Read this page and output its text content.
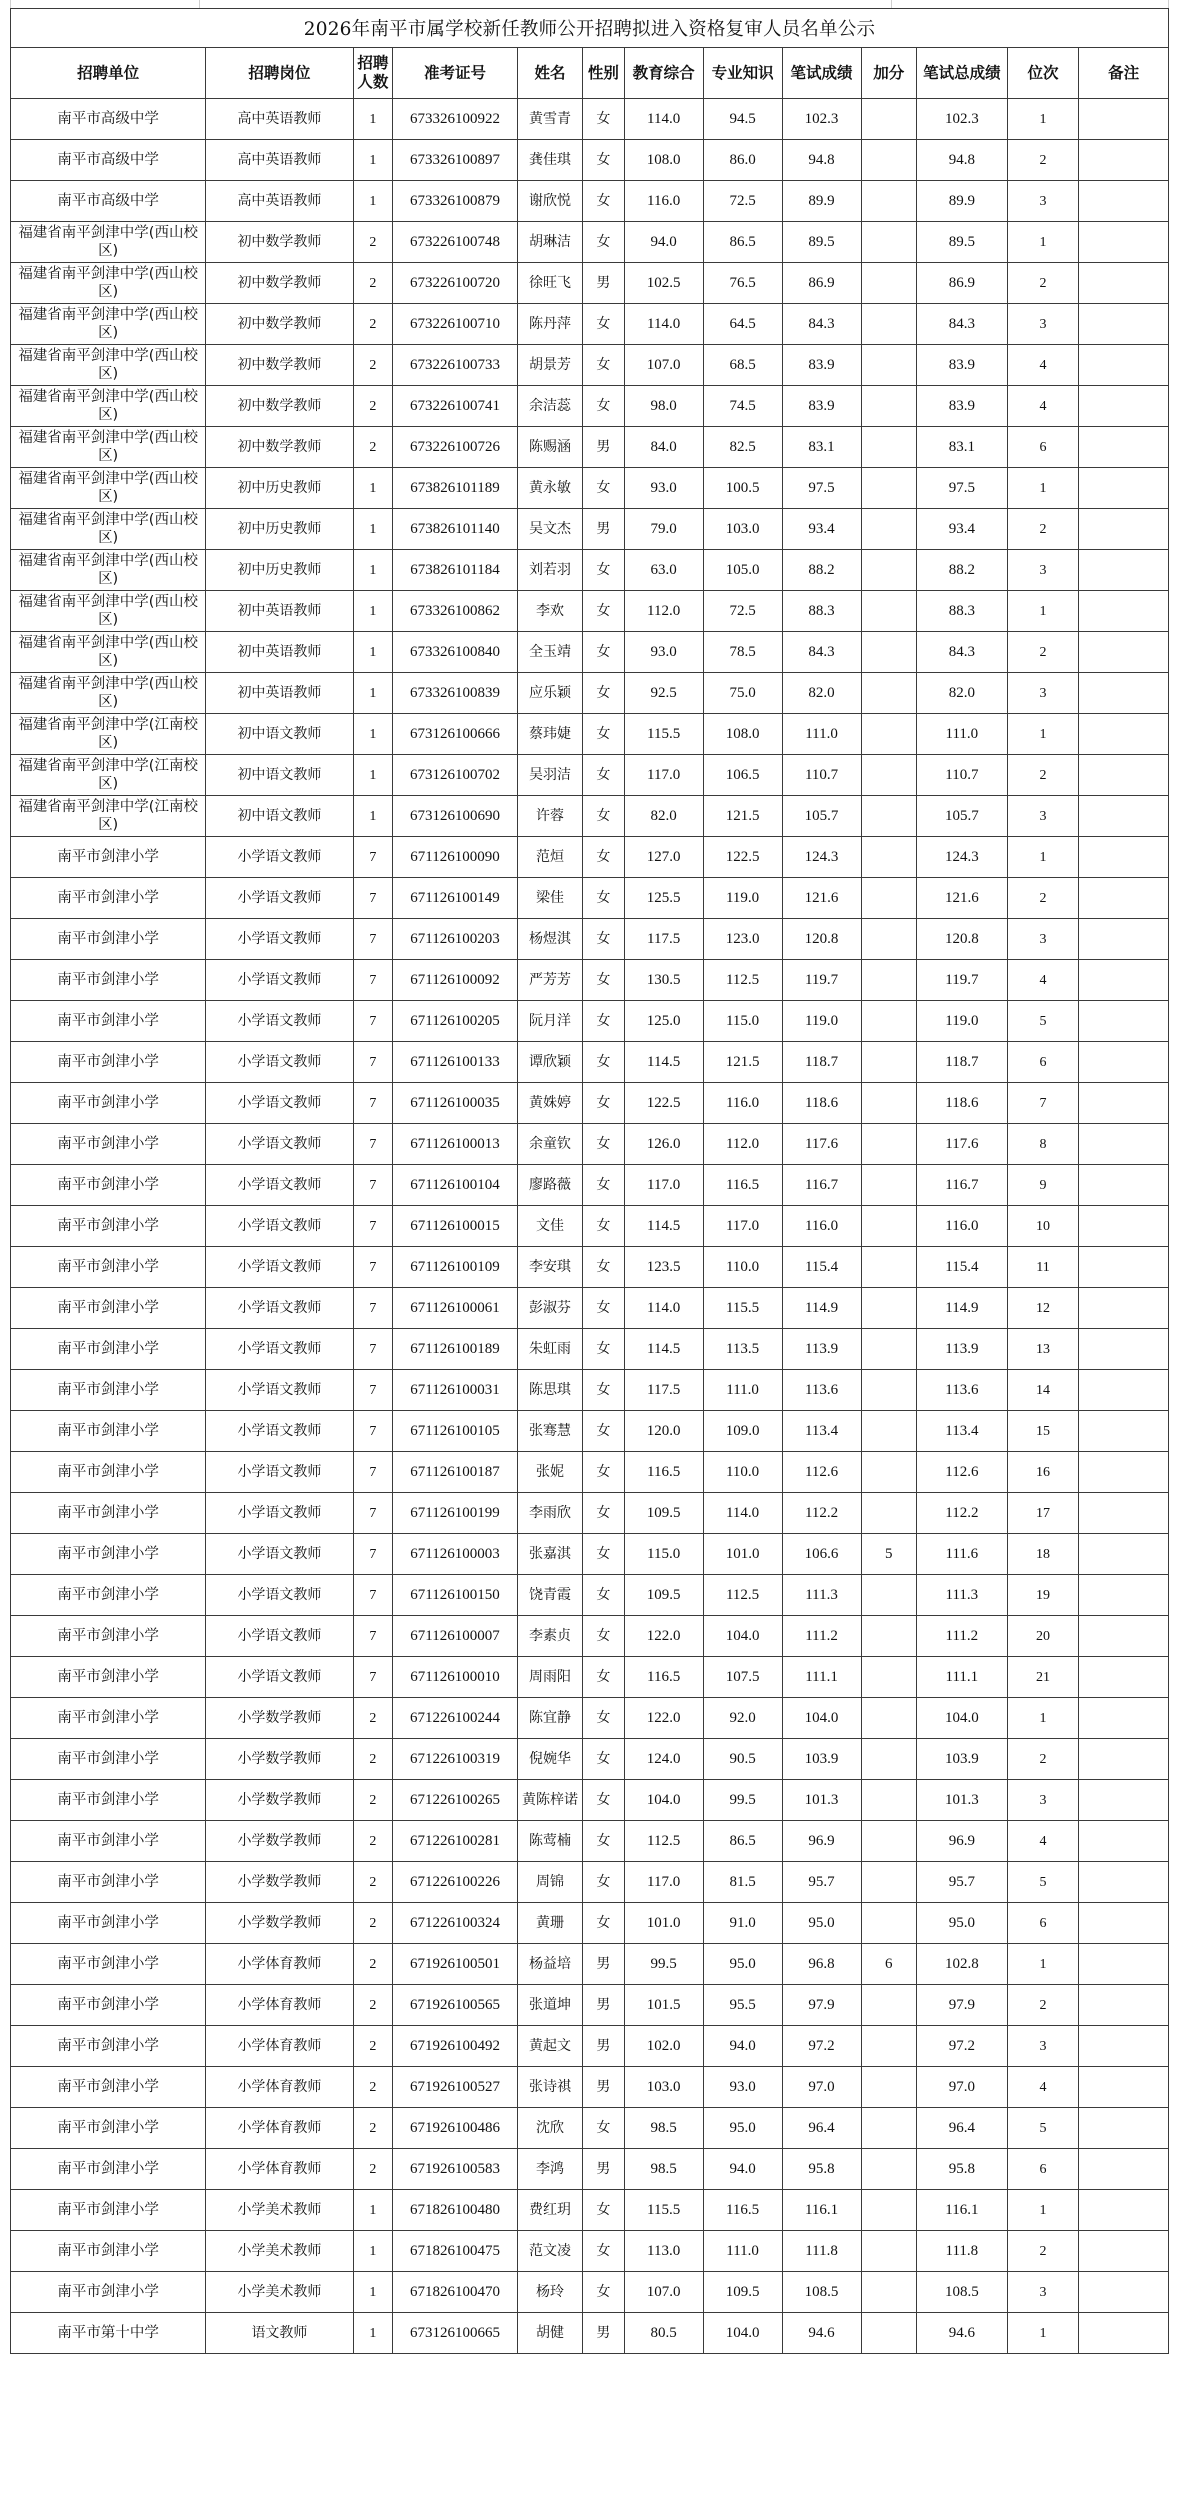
2026年南平市属学校新任教师公开招聘拟进入资格复审人员名单公示												
招聘单位	招聘岗位	招聘人数	准考证号	姓名	性别	教育综合	专业知识	笔试成绩	加分	笔试总成绩	位次	备注
南平市高级中学	高中英语教师	1	673326100922	黄雪青	女	114.0	94.5	102.3		102.3	1	
南平市高级中学	高中英语教师	1	673326100897	龚佳琪	女	108.0	86.0	94.8		94.8	2	
南平市高级中学	高中英语教师	1	673326100879	谢欣悦	女	116.0	72.5	89.9		89.9	3	
福建省南平剑津中学(西山校区)	初中数学教师	2	673226100748	胡琳洁	女	94.0	86.5	89.5		89.5	1	
福建省南平剑津中学(西山校区)	初中数学教师	2	673226100720	徐旺飞	男	102.5	76.5	86.9		86.9	2	
福建省南平剑津中学(西山校区)	初中数学教师	2	673226100710	陈丹萍	女	114.0	64.5	84.3		84.3	3	
福建省南平剑津中学(西山校区)	初中数学教师	2	673226100733	胡景芳	女	107.0	68.5	83.9		83.9	4	
福建省南平剑津中学(西山校区)	初中数学教师	2	673226100741	余洁蕊	女	98.0	74.5	83.9		83.9	4	
福建省南平剑津中学(西山校区)	初中数学教师	2	673226100726	陈赐涵	男	84.0	82.5	83.1		83.1	6	
福建省南平剑津中学(西山校区)	初中历史教师	1	673826101189	黄永敏	女	93.0	100.5	97.5		97.5	1	
福建省南平剑津中学(西山校区)	初中历史教师	1	673826101140	吴文杰	男	79.0	103.0	93.4		93.4	2	
福建省南平剑津中学(西山校区)	初中历史教师	1	673826101184	刘若羽	女	63.0	105.0	88.2		88.2	3	
福建省南平剑津中学(西山校区)	初中英语教师	1	673326100862	李欢	女	112.0	72.5	88.3		88.3	1	
福建省南平剑津中学(西山校区)	初中英语教师	1	673326100840	全玉靖	女	93.0	78.5	84.3		84.3	2	
福建省南平剑津中学(西山校区)	初中英语教师	1	673326100839	应乐颖	女	92.5	75.0	82.0		82.0	3	
福建省南平剑津中学(江南校区)	初中语文教师	1	673126100666	蔡玮婕	女	115.5	108.0	111.0		111.0	1	
福建省南平剑津中学(江南校区)	初中语文教师	1	673126100702	吴羽洁	女	117.0	106.5	110.7		110.7	2	
福建省南平剑津中学(江南校区)	初中语文教师	1	673126100690	许蓉	女	82.0	121.5	105.7		105.7	3	
南平市剑津小学	小学语文教师	7	671126100090	范烜	女	127.0	122.5	124.3		124.3	1	
南平市剑津小学	小学语文教师	7	671126100149	梁佳	女	125.5	119.0	121.6		121.6	2	
南平市剑津小学	小学语文教师	7	671126100203	杨煜淇	女	117.5	123.0	120.8		120.8	3	
南平市剑津小学	小学语文教师	7	671126100092	严芳芳	女	130.5	112.5	119.7		119.7	4	
南平市剑津小学	小学语文教师	7	671126100205	阮月洋	女	125.0	115.0	119.0		119.0	5	
南平市剑津小学	小学语文教师	7	671126100133	谭欣颖	女	114.5	121.5	118.7		118.7	6	
南平市剑津小学	小学语文教师	7	671126100035	黄姝婷	女	122.5	116.0	118.6		118.6	7	
南平市剑津小学	小学语文教师	7	671126100013	余童钦	女	126.0	112.0	117.6		117.6	8	
南平市剑津小学	小学语文教师	7	671126100104	廖路薇	女	117.0	116.5	116.7		116.7	9	
南平市剑津小学	小学语文教师	7	671126100015	文佳	女	114.5	117.0	116.0		116.0	10	
南平市剑津小学	小学语文教师	7	671126100109	李安琪	女	123.5	110.0	115.4		115.4	11	
南平市剑津小学	小学语文教师	7	671126100061	彭淑芬	女	114.0	115.5	114.9		114.9	12	
南平市剑津小学	小学语文教师	7	671126100189	朱虹雨	女	114.5	113.5	113.9		113.9	13	
南平市剑津小学	小学语文教师	7	671126100031	陈思琪	女	117.5	111.0	113.6		113.6	14	
南平市剑津小学	小学语文教师	7	671126100105	张骞慧	女	120.0	109.0	113.4		113.4	15	
南平市剑津小学	小学语文教师	7	671126100187	张妮	女	116.5	110.0	112.6		112.6	16	
南平市剑津小学	小学语文教师	7	671126100199	李雨欣	女	109.5	114.0	112.2		112.2	17	
南平市剑津小学	小学语文教师	7	671126100003	张嘉淇	女	115.0	101.0	106.6	5	111.6	18	
南平市剑津小学	小学语文教师	7	671126100150	饶青霞	女	109.5	112.5	111.3		111.3	19	
南平市剑津小学	小学语文教师	7	671126100007	李素贞	女	122.0	104.0	111.2		111.2	20	
南平市剑津小学	小学语文教师	7	671126100010	周雨阳	女	116.5	107.5	111.1		111.1	21	
南平市剑津小学	小学数学教师	2	671226100244	陈宜静	女	122.0	92.0	104.0		104.0	1	
南平市剑津小学	小学数学教师	2	671226100319	倪婉华	女	124.0	90.5	103.9		103.9	2	
南平市剑津小学	小学数学教师	2	671226100265	黄陈梓诺	女	104.0	99.5	101.3		101.3	3	
南平市剑津小学	小学数学教师	2	671226100281	陈莺楠	女	112.5	86.5	96.9		96.9	4	
南平市剑津小学	小学数学教师	2	671226100226	周锦	女	117.0	81.5	95.7		95.7	5	
南平市剑津小学	小学数学教师	2	671226100324	黄珊	女	101.0	91.0	95.0		95.0	6	
南平市剑津小学	小学体育教师	2	671926100501	杨益培	男	99.5	95.0	96.8	6	102.8	1	
南平市剑津小学	小学体育教师	2	671926100565	张道坤	男	101.5	95.5	97.9		97.9	2	
南平市剑津小学	小学体育教师	2	671926100492	黄起文	男	102.0	94.0	97.2		97.2	3	
南平市剑津小学	小学体育教师	2	671926100527	张诗祺	男	103.0	93.0	97.0		97.0	4	
南平市剑津小学	小学体育教师	2	671926100486	沈欣	女	98.5	95.0	96.4		96.4	5	
南平市剑津小学	小学体育教师	2	671926100583	李鸿	男	98.5	94.0	95.8		95.8	6	
南平市剑津小学	小学美术教师	1	671826100480	费红玥	女	115.5	116.5	116.1		116.1	1	
南平市剑津小学	小学美术教师	1	671826100475	范文凌	女	113.0	111.0	111.8		111.8	2	
南平市剑津小学	小学美术教师	1	671826100470	杨玲	女	107.0	109.5	108.5		108.5	3	
南平市第十中学	语文教师	1	673126100665	胡健	男	80.5	104.0	94.6		94.6	1	
